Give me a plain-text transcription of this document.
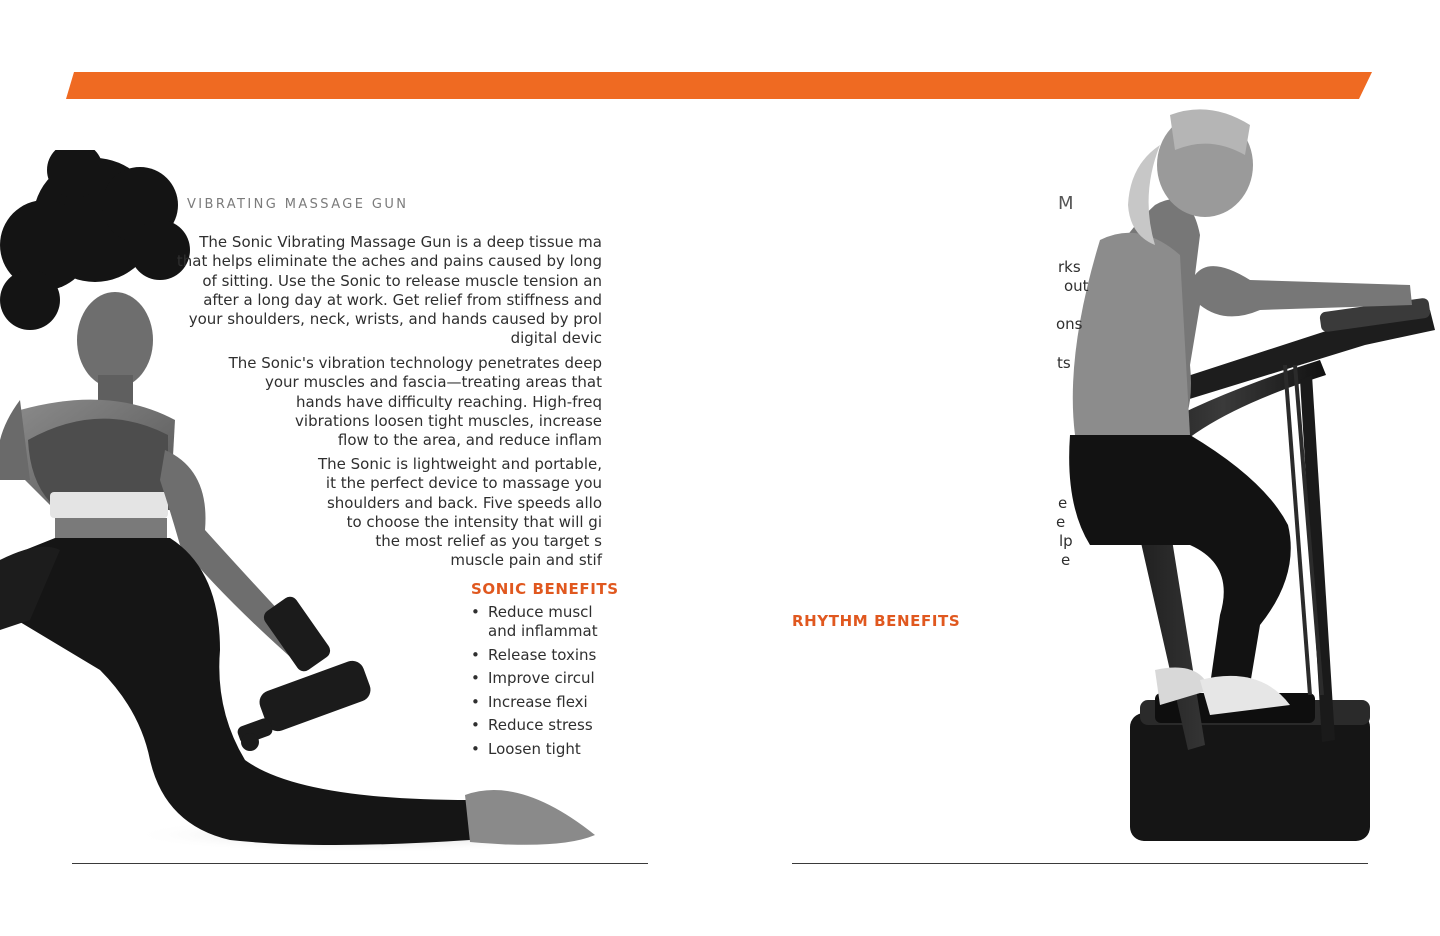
VIBRATING MASSAGE GUN

The Sonic Vibrating Massage Gun is a deep tissue ma
that helps eliminate the aches and pains caused by long
of sitting. Use the Sonic to release muscle tension an
after a long day at work. Get relief from stiffness and
your shoulders, neck, wrists, and hands caused by prol
digital devic

The Sonic's vibration technology penetrates deep
your muscles and fascia—treating areas that
hands have difficulty reaching. High-freq
vibrations loosen tight muscles, increase
flow to the area, and reduce inflam

The Sonic is lightweight and portable,
it the perfect device to massage you
shoulders and back. Five speeds allo
to choose the intensity that will gi
the most relief as you target s
muscle pain and stif

SONIC BENEFITS
• Reduce muscl
and inflammat
• Release toxins
• Improve circul
• Increase flexi
• Reduce stress
• Loosen tight
RHYTHM BENEFITS
M
rks
out
ons
ts
e
e
lp
e
